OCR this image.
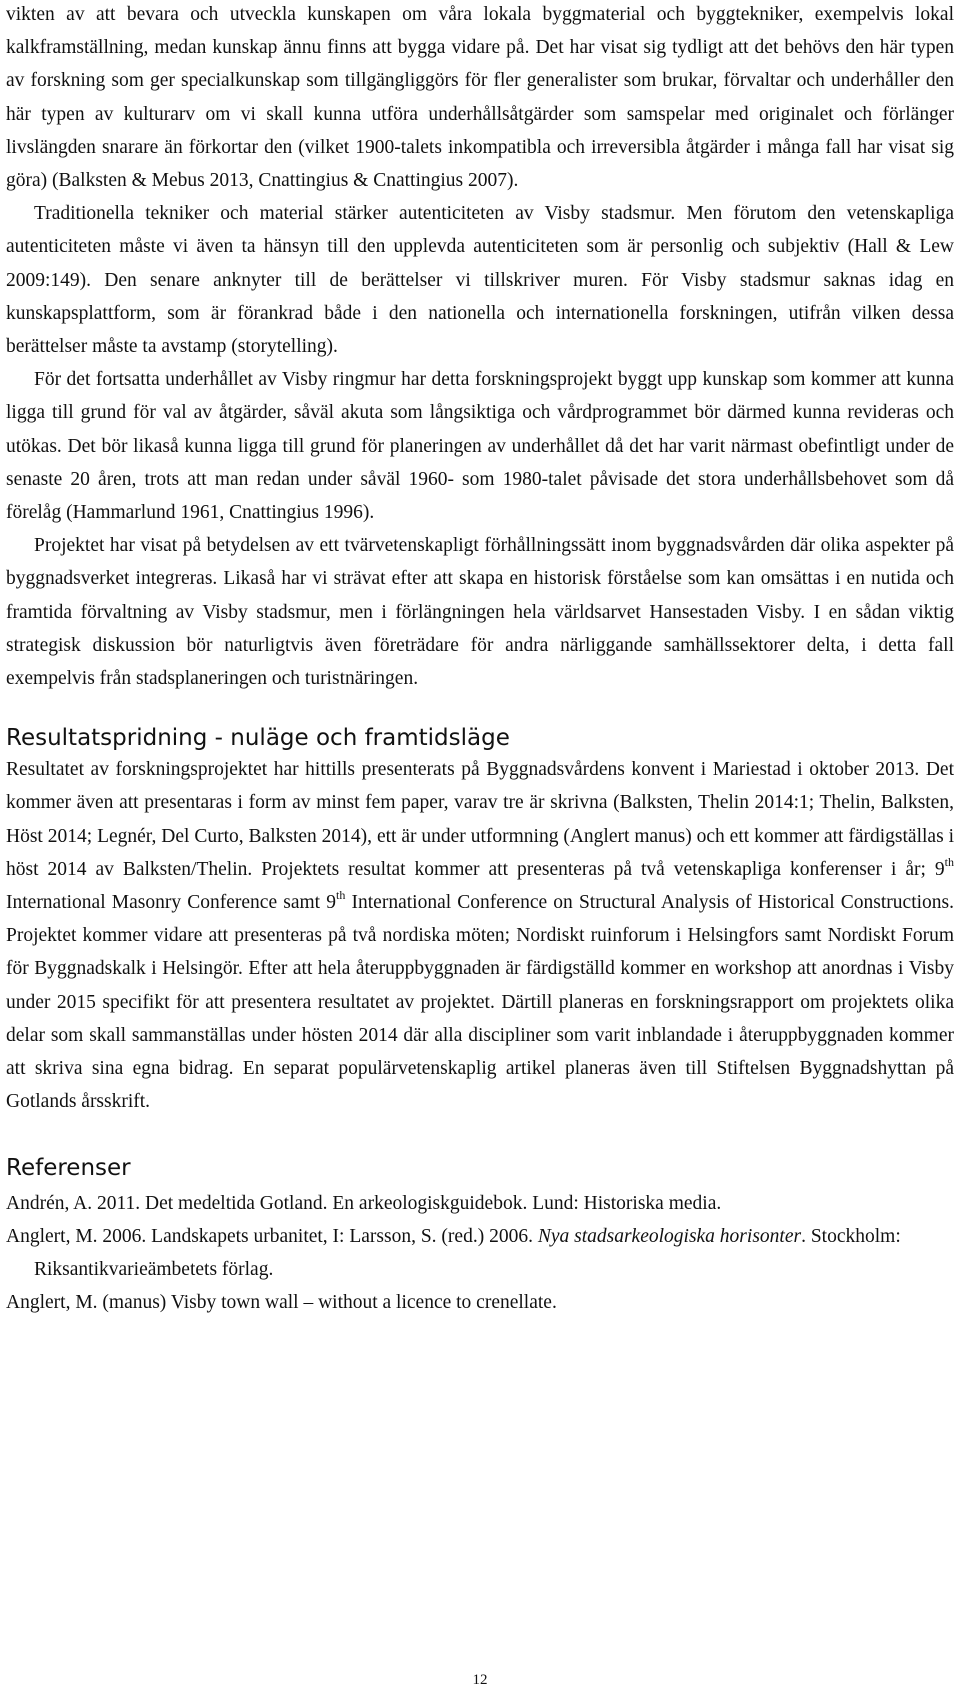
vikten av att bevara och utveckla kunskapen om våra lokala byggmaterial och byggtekniker, exempelvis lokal kalkframställning, medan kunskap ännu finns att bygga vidare på. Det har visat sig tydligt att det behövs den här typen av forskning som ger specialkunskap som tillgängliggörs för fler generalister som brukar, förvaltar och underhåller den här typen av kulturarv om vi skall kunna utföra underhållsåtgärder som samspelar med originalet och förlänger livslängden snarare än förkortar den (vilket 1900-talets inkompatibla och irreversibla åtgärder i många fall har visat sig göra) (Balksten & Mebus 2013, Cnattingius & Cnattingius 2007).

Traditionella tekniker och material stärker autenticiteten av Visby stadsmur. Men förutom den vetenskapliga autenticiteten måste vi även ta hänsyn till den upplevda autenticiteten som är personlig och subjektiv (Hall & Lew 2009:149). Den senare anknyter till de berättelser vi tillskriver muren. För Visby stadsmur saknas idag en kunskapsplattform, som är förankrad både i den nationella och internationella forskningen, utifrån vilken dessa berättelser måste ta avstamp (storytelling).

För det fortsatta underhållet av Visby ringmur har detta forskningsprojekt byggt upp kunskap som kommer att kunna ligga till grund för val av åtgärder, såväl akuta som långsiktiga och vårdprogrammet bör därmed kunna revideras och utökas. Det bör likaså kunna ligga till grund för planeringen av underhållet då det har varit närmast obefintligt under de senaste 20 åren, trots att man redan under såväl 1960- som 1980-talet påvisade det stora underhållsbehovet som då förelåg (Hammarlund 1961, Cnattingius 1996).

Projektet har visat på betydelsen av ett tvärvetenskapligt förhållningssätt inom byggnadsvården där olika aspekter på byggnadsverket integreras. Likaså har vi strävat efter att skapa en historisk förståelse som kan omsättas i en nutida och framtida förvaltning av Visby stadsmur, men i förlängningen hela världsarvet Hansestaden Visby. I en sådan viktig strategisk diskussion bör naturligtvis även företrädare för andra närliggande samhällssektorer delta, i detta fall exempelvis från stadsplaneringen och turistnäringen.

Resultatspridning - nuläge och framtidsläge

Resultatet av forskningsprojektet har hittills presenterats på Byggnadsvårdens konvent i Mariestad i oktober 2013. Det kommer även att presentaras i form av minst fem paper, varav tre är skrivna (Balksten, Thelin 2014:1; Thelin, Balksten, Höst 2014; Legnér, Del Curto, Balksten 2014), ett är under utformning (Anglert manus) och ett kommer att färdigställas i höst 2014 av Balksten/Thelin. Projektets resultat kommer att presenteras på två vetenskapliga konferenser i år; 9th International Masonry Conference samt 9th International Conference on Structural Analysis of Historical Constructions. Projektet kommer vidare att presenteras på två nordiska möten; Nordiskt ruinforum i Helsingfors samt Nordiskt Forum för Byggnadskalk i Helsingör. Efter att hela återuppbyggnaden är färdigställd kommer en workshop att anordnas i Visby under 2015 specifikt för att presentera resultatet av projektet. Därtill planeras en forskningsrapport om projektets olika delar som skall sammanställas under hösten 2014 där alla discipliner som varit inblandade i återuppbyggnaden kommer att skriva sina egna bidrag. En separat populärvetenskaplig artikel planeras även till Stiftelsen Byggnadshyttan på Gotlands årsskrift.

Referenser

Andrén, A. 2011. Det medeltida Gotland. En arkeologiskguidebok. Lund: Historiska media.

Anglert, M. 2006. Landskapets urbanitet, I: Larsson, S. (red.) 2006. Nya stadsarkeologiska horisonter. Stockholm: Riksantikvarieämbetets förlag.

Anglert, M. (manus) Visby town wall – without a licence to crenellate.

12
